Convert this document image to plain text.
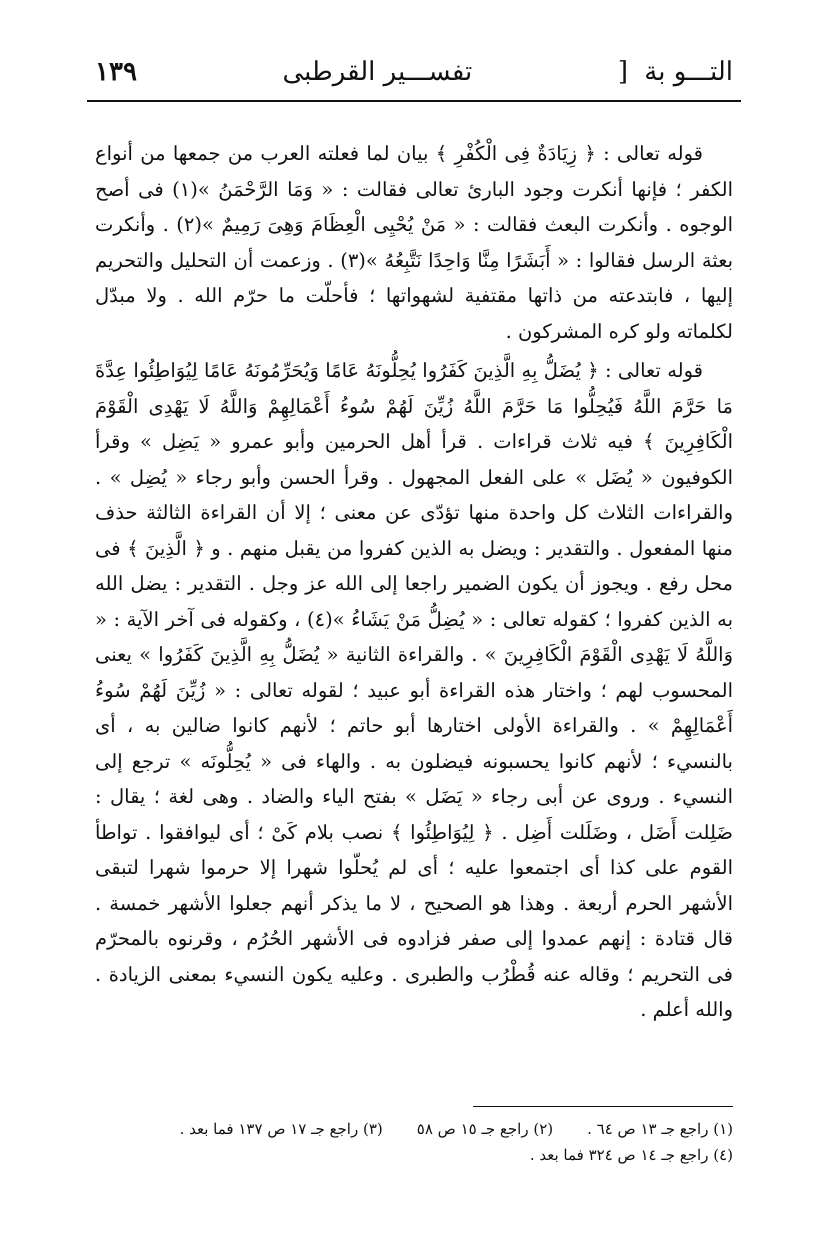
التـــو بة [
تفســـير القرطبى
١٣٩

قوله تعالى : ﴿ زِيَادَةٌ فِى الْكُفْرِ ﴾ بيان لما فعلته العرب من جمعها من أنواع الكفر ؛ فإنها أنكرت وجود البارئ تعالى فقالت : « وَمَا الرَّحْمَنُ »(١) فى أصح الوجوه . وأنكرت البعث فقالت : « مَنْ يُحْيِى الْعِظَامَ وَهِىَ رَمِيمٌ »(٢) . وأنكرت بعثة الرسل فقالوا : « أَبَشَرًا مِنَّا وَاحِدًا نَتَّبِعُهُ »(٣) . وزعمت أن التحليل والتحريم إليها ، فابتدعته من ذاتها مقتفية لشهواتها ؛ فأحلّت ما حرّم الله . ولا مبدّل لكلماته ولو كره المشركون .

قوله تعالى : ﴿ يُضَلُّ بِهِ الَّذِينَ كَفَرُوا يُحِلُّونَهُ عَامًا وَيُحَرِّمُونَهُ عَامًا لِيُوَاطِئُوا عِدَّةَ مَا حَرَّمَ اللَّهُ فَيُحِلُّوا مَا حَرَّمَ اللَّهُ زُيِّنَ لَهُمْ سُوءُ أَعْمَالِهِمْ وَاللَّهُ لَا يَهْدِى الْقَوْمَ الْكَافِرِينَ ﴾ فيه ثلاث قراءات . قرأ أهل الحرمين وأبو عمرو « يَضِل » وقرأ الكوفيون « يُضَل » على الفعل المجهول . وقرأ الحسن وأبو رجاء « يُضِل » . والقراءات الثلاث كل واحدة منها تؤدّى عن معنى ؛ إلا أن القراءة الثالثة حذف منها المفعول . والتقدير : ويضل به الذين كفروا من يقبل منهم . و ﴿ الَّذِينَ ﴾ فى محل رفع . ويجوز أن يكون الضمير راجعا إلى الله عز وجل . التقدير : يضل الله به الذين كفروا ؛ كقوله تعالى : « يُضِلُّ مَنْ يَشَاءُ »(٤) ، وكقوله فى آخر الآية : « وَاللَّهُ لَا يَهْدِى الْقَوْمَ الْكَافِرِينَ » . والقراءة الثانية « يُضَلُّ بِهِ الَّذِينَ كَفَرُوا » يعنى المحسوب لهم ؛ واختار هذه القراءة أبو عبيد ؛ لقوله تعالى : « زُيِّنَ لَهُمْ سُوءُ أَعْمَالِهِمْ » . والقراءة الأولى اختارها أبو حاتم ؛ لأنهم كانوا ضالين به ، أى بالنسيء ؛ لأنهم كانوا يحسبونه فيضلون به . والهاء فى « يُحِلُّونَه » ترجع إلى النسيء . وروى عن أبى رجاء « يَضَل » بفتح الياء والضاد . وهى لغة ؛ يقال : ضَلِلت أَضَل ، وضَلَلت أَضِل . ﴿ لِيُوَاطِئُوا ﴾ نصب بلام كَىْ ؛ أى ليوافقوا . تواطأ القوم على كذا أى اجتمعوا عليه ؛ أى لم يُحلّوا شهرا إلا حرموا شهرا لتبقى الأشهر الحرم أربعة . وهذا هو الصحيح ، لا ما يذكر أنهم جعلوا الأشهر خمسة . قال قتادة : إنهم عمدوا إلى صفر فزادوه فى الأشهر الحُرُم ، وقرنوه بالمحرّم فى التحريم ؛ وقاله عنه قُطْرُب والطبرى . وعليه يكون النسيء بمعنى الزيادة . والله أعلم .

(١) راجع جـ ١٣ ص ٦٤ .
(٢) راجع جـ ١٥ ص ٥٨
(٣) راجع جـ ١٧ ص ١٣٧ فما بعد .
(٤) راجع جـ ١٤ ص ٣٢٤ فما بعد .
